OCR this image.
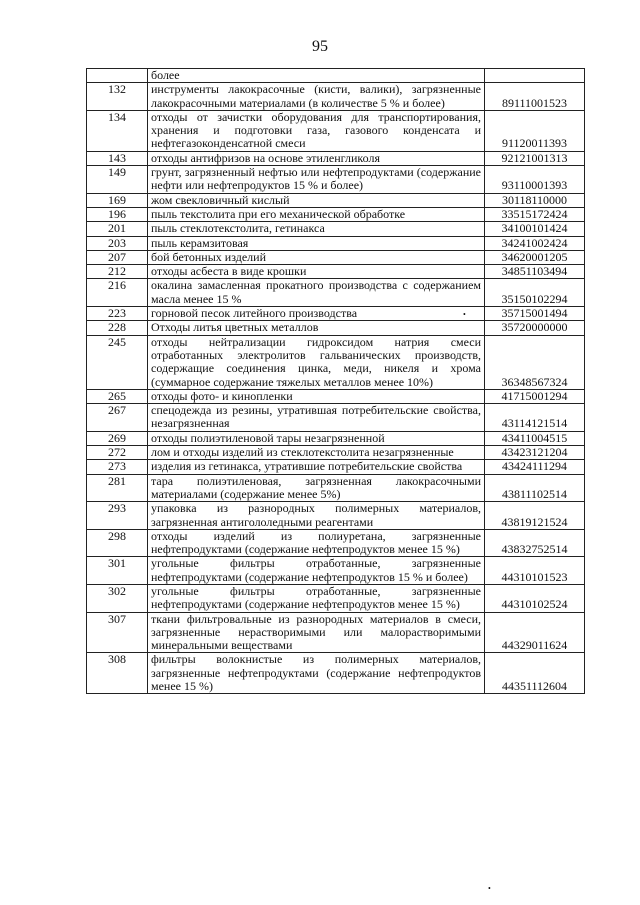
95
	более	
132	инструменты лакокрасочные (кисти, валики), загрязненные лакокрасочными материалами (в количестве 5 % и более)	89111001523
134	отходы от зачистки оборудования для транспортирования, хранения и подготовки газа, газового конденсата и нефтегазоконденсатной смеси	91120011393
143	отходы антифризов на основе этиленгликоля	92121001313
149	грунт, загрязненный нефтью или нефтепродуктами (содержание нефти или нефтепродуктов 15 % и более)	93110001393
169	жом свекловичный кислый	30118110000
196	пыль текстолита при его механической обработке	33515172424
201	пыль стеклотекстолита, гетинакса	34100101424
203	пыль керамзитовая	34241002424
207	бой бетонных изделий	34620001205
212	отходы асбеста в виде крошки	34851103494
216	окалина замасленная прокатного производства с содержанием масла менее 15 %	35150102294
223	горновой песок литейного производства	35715001494
228	Отходы литья цветных металлов	35720000000
245	отходы нейтрализации гидроксидом натрия смеси отработанных электролитов гальванических производств, содержащие соединения цинка, меди, никеля и хрома (суммарное содержание тяжелых металлов менее 10%)	36348567324
265	отходы фото- и кинопленки	41715001294
267	спецодежда из резины, утратившая потребительские свойства, незагрязненная	43114121514
269	отходы полиэтиленовой тары незагрязненной	43411004515
272	лом и отходы изделий из стеклотекстолита незагрязненные	43423121204
273	изделия из гетинакса, утратившие потребительские свойства	43424111294
281	тара полиэтиленовая, загрязненная лакокрасочными материалами (содержание менее 5%)	43811102514
293	упаковка из разнородных полимерных материалов, загрязненная антигололедными реагентами	43819121524
298	отходы изделий из полиуретана, загрязненные нефтепродуктами (содержание нефтепродуктов менее 15 %)	43832752514
301	угольные фильтры отработанные, загрязненные нефтепродуктами (содержание нефтепродуктов 15 % и более)	44310101523
302	угольные фильтры отработанные, загрязненные нефтепродуктами (содержание нефтепродуктов менее 15 %)	44310102524
307	ткани фильтровальные из разнородных материалов в смеси, загрязненные нерастворимыми или малорастворимыми минеральными веществами	44329011624
308	фильтры волокнистые из полимерных материалов, загрязненные нефтепродуктами (содержание нефтепродуктов менее 15 %)	44351112604
•
•
